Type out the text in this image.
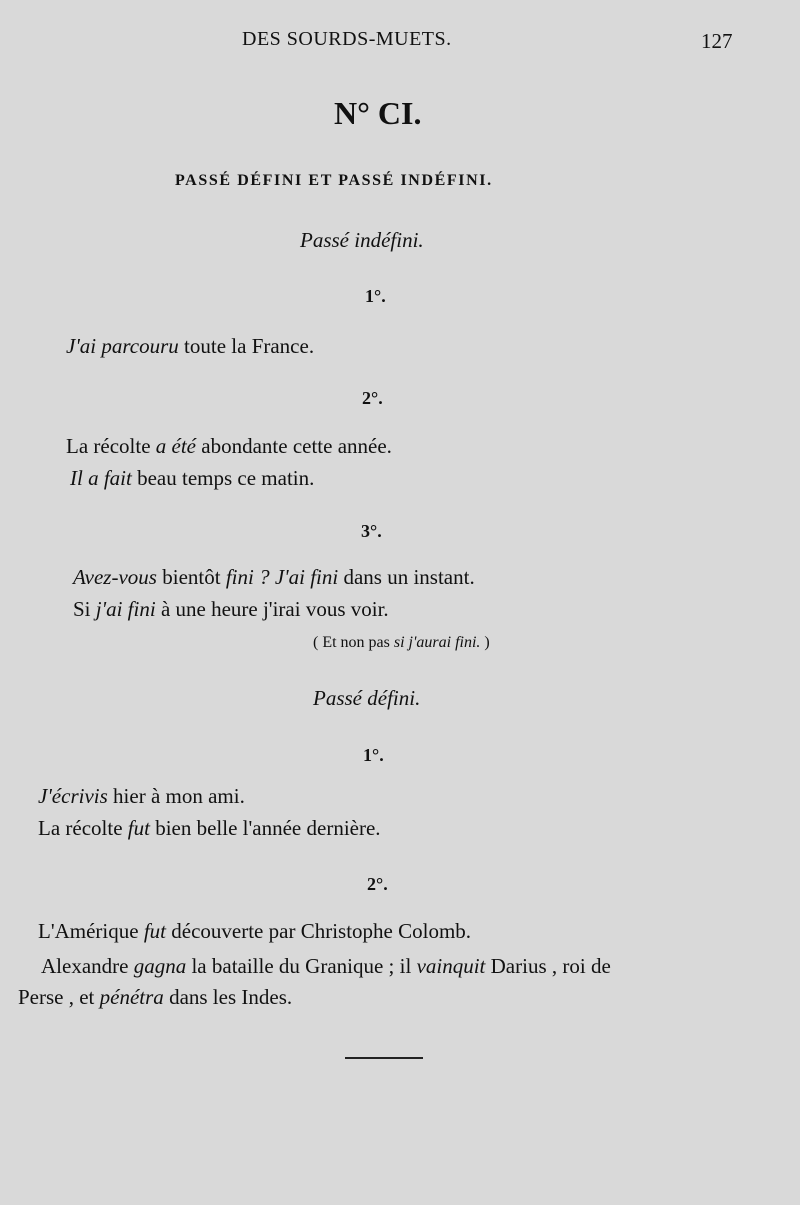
DES SOURDS-MUETS.	127
N° CI.
PASSÉ DÉFINI ET PASSÉ INDÉFINI.
Passé indéfini.
1°.
J'ai parcouru toute la France.
2°.
La récolte a été abondante cette année.
Il a fait beau temps ce matin.
3°.
Avez-vous bientôt fini ? J'ai fini dans un instant.
Si j'ai fini à une heure j'irai vous voir.
( Et non pas si j'aurai fini. )
Passé défini.
1°.
J'écrivis hier à mon ami.
La récolte fut bien belle l'année dernière.
2°.
L'Amérique fut découverte par Christophe Colomb.
Alexandre gagna la bataille du Granique ; il vainquit Darius , roi de
Perse , et pénétra dans les Indes.
